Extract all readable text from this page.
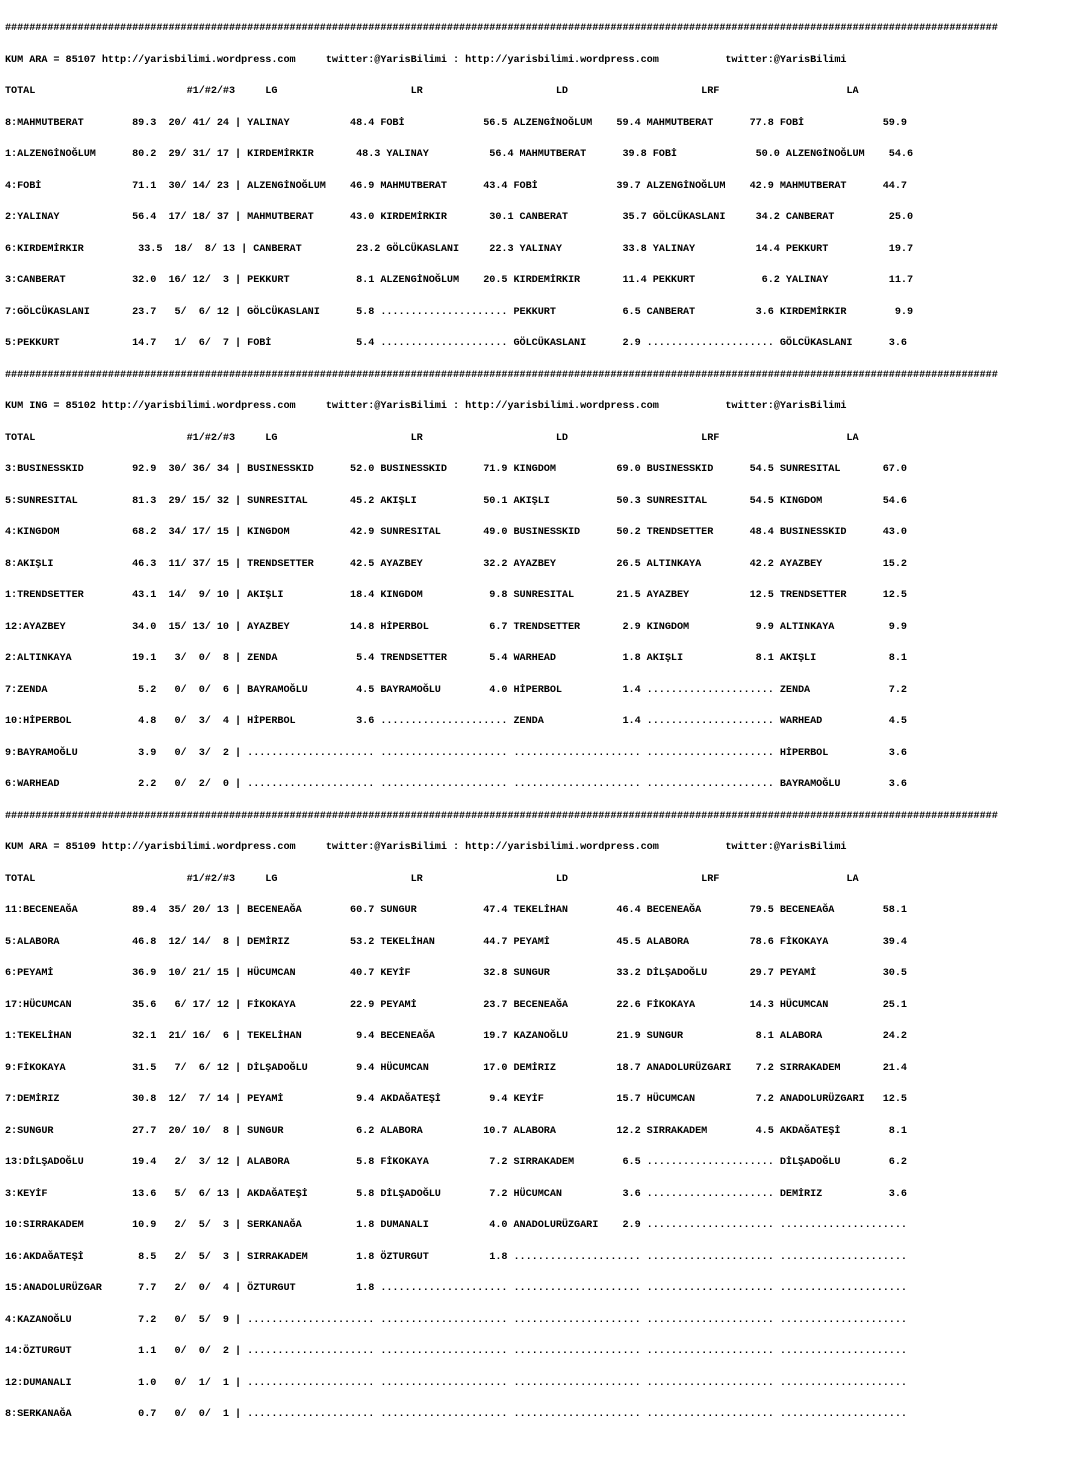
####################################################################################################################################################################

KUM ARA = 85107 http://yarisbilimi.wordpress.com     twitter:@YarisBilimi : http://yarisbilimi.wordpress.com           twitter:@YarisBilimi

TOTAL                         #1/#2/#3     LG                      LR                      LD                      LRF                     LA

8:MAHMUTBERAT        89.3  20/ 41/ 24 | YALINAY          48.4 FOBİ             56.5 ALZENGİNOĞLUM    59.4 MAHMUTBERAT      77.8 FOBİ             59.9

1:ALZENGİNOĞLUM      80.2  29/ 31/ 17 | KIRDEMİRKIR       48.3 YALINAY          56.4 MAHMUTBERAT      39.8 FOBİ             50.0 ALZENGİNOĞLUM    54.6

4:FOBİ               71.1  30/ 14/ 23 | ALZENGİNOĞLUM    46.9 MAHMUTBERAT      43.4 FOBİ             39.7 ALZENGİNOĞLUM    42.9 MAHMUTBERAT      44.7

2:YALINAY            56.4  17/ 18/ 37 | MAHMUTBERAT      43.0 KIRDEMİRKIR       30.1 CANBERAT         35.7 GÖLCÜKASLANI     34.2 CANBERAT         25.0

6:KIRDEMİRKIR         33.5  18/  8/ 13 | CANBERAT         23.2 GÖLCÜKASLANI     22.3 YALINAY          33.8 YALINAY          14.4 PEKKURT          19.7

3:CANBERAT           32.0  16/ 12/  3 | PEKKURT           8.1 ALZENGİNOĞLUM    20.5 KIRDEMİRKIR       11.4 PEKKURT           6.2 YALINAY          11.7

7:GÖLCÜKASLANI       23.7   5/  6/ 12 | GÖLCÜKASLANI      5.8 ..................... PEKKURT           6.5 CANBERAT          3.6 KIRDEMİRKIR        9.9

5:PEKKURT            14.7   1/  6/  7 | FOBİ              5.4 ..................... GÖLCÜKASLANI      2.9 ..................... GÖLCÜKASLANI      3.6

####################################################################################################################################################################

KUM ING = 85102 http://yarisbilimi.wordpress.com     twitter:@YarisBilimi : http://yarisbilimi.wordpress.com           twitter:@YarisBilimi

TOTAL                         #1/#2/#3     LG                      LR                      LD                      LRF                     LA

3:BUSINESSKID        92.9  30/ 36/ 34 | BUSINESSKID      52.0 BUSINESSKID      71.9 KINGDOM          69.0 BUSINESSKID      54.5 SUNRESITAL       67.0

5:SUNRESITAL         81.3  29/ 15/ 32 | SUNRESITAL       45.2 AKIŞLI           50.1 AKIŞLI           50.3 SUNRESITAL       54.5 KINGDOM          54.6

4:KINGDOM            68.2  34/ 17/ 15 | KINGDOM          42.9 SUNRESITAL       49.0 BUSINESSKID      50.2 TRENDSETTER      48.4 BUSINESSKID      43.0

8:AKIŞLI             46.3  11/ 37/ 15 | TRENDSETTER      42.5 AYAZBEY          32.2 AYAZBEY          26.5 ALTINKAYA        42.2 AYAZBEY          15.2

1:TRENDSETTER        43.1  14/  9/ 10 | AKIŞLI           18.4 KINGDOM           9.8 SUNRESITAL       21.5 AYAZBEY          12.5 TRENDSETTER      12.5

12:AYAZBEY           34.0  15/ 13/ 10 | AYAZBEY          14.8 HİPERBOL          6.7 TRENDSETTER       2.9 KINGDOM           9.9 ALTINKAYA         9.9

2:ALTINKAYA          19.1   3/  0/  8 | ZENDA             5.4 TRENDSETTER       5.4 WARHEAD           1.8 AKIŞLI            8.1 AKIŞLI            8.1

7:ZENDA               5.2   0/  0/  6 | BAYRAMOĞLU        4.5 BAYRAMOĞLU        4.0 HİPERBOL          1.4 ..................... ZENDA             7.2

10:HİPERBOL           4.8   0/  3/  4 | HİPERBOL          3.6 ..................... ZENDA             1.4 ..................... WARHEAD           4.5

9:BAYRAMOĞLU          3.9   0/  3/  2 | ..................... ..................... ..................... ..................... HİPERBOL          3.6

6:WARHEAD             2.2   0/  2/  0 | ..................... ..................... ..................... ..................... BAYRAMOĞLU        3.6

####################################################################################################################################################################

KUM ARA = 85109 http://yarisbilimi.wordpress.com     twitter:@YarisBilimi : http://yarisbilimi.wordpress.com           twitter:@YarisBilimi

TOTAL                         #1/#2/#3     LG                      LR                      LD                      LRF                     LA

11:BECENEAĞA         89.4  35/ 20/ 13 | BECENEAĞA        60.7 SUNGUR           47.4 TEKELİHAN        46.4 BECENEAĞA        79.5 BECENEAĞA        58.1

5:ALABORA            46.8  12/ 14/  8 | DEMİRIZ          53.2 TEKELİHAN        44.7 PEYAMİ           45.5 ALABORA          78.6 FİKOKAYA         39.4

6:PEYAMİ             36.9  10/ 21/ 15 | HÜCUMCAN         40.7 KEYİF            32.8 SUNGUR           33.2 DİLŞADOĞLU       29.7 PEYAMİ           30.5

17:HÜCUMCAN          35.6   6/ 17/ 12 | FİKOKAYA         22.9 PEYAMİ           23.7 BECENEAĞA        22.6 FİKOKAYA         14.3 HÜCUMCAN         25.1

1:TEKELİHAN          32.1  21/ 16/  6 | TEKELİHAN         9.4 BECENEAĞA        19.7 KAZANOĞLU        21.9 SUNGUR            8.1 ALABORA          24.2

9:FİKOKAYA           31.5   7/  6/ 12 | DİLŞADOĞLU        9.4 HÜCUMCAN         17.0 DEMİRIZ          18.7 ANADOLURÜZGARI    7.2 SIRRAKADEM       21.4

7:DEMİRIZ            30.8  12/  7/ 14 | PEYAMİ            9.4 AKDAĞATEŞİ        9.4 KEYİF            15.7 HÜCUMCAN          7.2 ANADOLURÜZGARI   12.5

2:SUNGUR             27.7  20/ 10/  8 | SUNGUR            6.2 ALABORA          10.7 ALABORA          12.2 SIRRAKADEM        4.5 AKDAĞATEŞİ        8.1

13:DİLŞADOĞLU        19.4   2/  3/ 12 | ALABORA           5.8 FİKOKAYA          7.2 SIRRAKADEM        6.5 ..................... DİLŞADOĞLU        6.2

3:KEYİF              13.6   5/  6/ 13 | AKDAĞATEŞİ        5.8 DİLŞADOĞLU        7.2 HÜCUMCAN          3.6 ..................... DEMİRIZ           3.6

10:SIRRAKADEM        10.9   2/  5/  3 | SERKANAĞA         1.8 DUMANALI          4.0 ANADOLURÜZGARI    2.9 ..................... .....................

16:AKDAĞATEŞİ         8.5   2/  5/  3 | SIRRAKADEM        1.8 ÖZTURGUT          1.8 ..................... ..................... .....................

15:ANADOLURÜZGAR      7.7   2/  0/  4 | ÖZTURGUT          1.8 ..................... ..................... ..................... .....................

4:KAZANOĞLU           7.2   0/  5/  9 | ..................... ..................... ..................... ..................... .....................

14:ÖZTURGUT           1.1   0/  0/  2 | ..................... ..................... ..................... ..................... .....................

12:DUMANALI           1.0   0/  1/  1 | ..................... ..................... ..................... ..................... .....................

8:SERKANAĞA           0.7   0/  0/  1 | ..................... ..................... ..................... ..................... .....................
